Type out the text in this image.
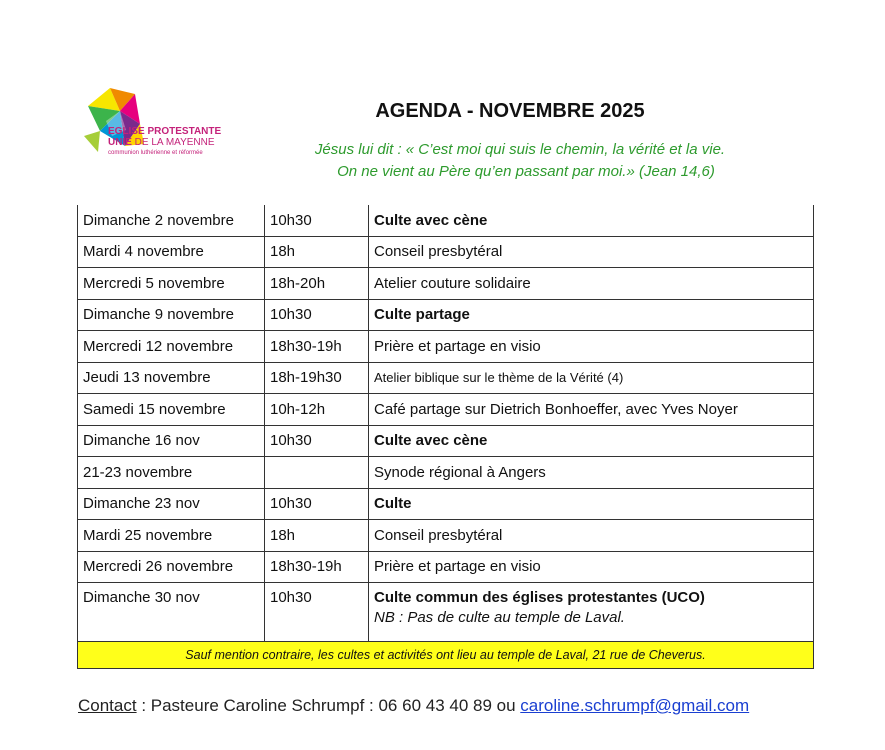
EGLISE PROTESTANTE
UNIE DE LA MAYENNE
communion luthérienne et réformée
AGENDA - NOVEMBRE 2025
Jésus lui dit : « C’est moi qui suis le chemin, la vérité et la vie.

On ne vient au Père qu’en passant par moi.» (Jean 14,6)
Dimanche 2 novembre	10h30	Culte avec cène
Mardi 4 novembre	18h	Conseil presbytéral
Mercredi 5 novembre	18h-20h	Atelier couture solidaire
Dimanche 9 novembre	10h30	Culte partage
Mercredi 12 novembre	18h30-19h	Prière et partage en visio
Jeudi 13 novembre	18h-19h30	Atelier biblique sur le thème de la Vérité (4)
Samedi 15 novembre	10h-12h	Café partage sur Dietrich Bonhoeffer, avec Yves Noyer
Dimanche 16 nov	10h30	Culte avec cène
21-23 novembre		Synode régional à Angers
Dimanche 23 nov	10h30	Culte
Mardi 25 novembre	18h	Conseil presbytéral
Mercredi 26 novembre	18h30-19h	Prière et partage en visio
Dimanche 30 nov	10h30	Culte commun des églises protestantes (UCO)
NB : Pas de culte au temple de Laval.

Sauf mention contraire, les cultes et activités ont lieu au temple de Laval, 21 rue de Cheverus.		
Contact : Pasteure Caroline Schrumpf : 06 60 43 40 89 ou caroline.schrumpf@gmail.com
